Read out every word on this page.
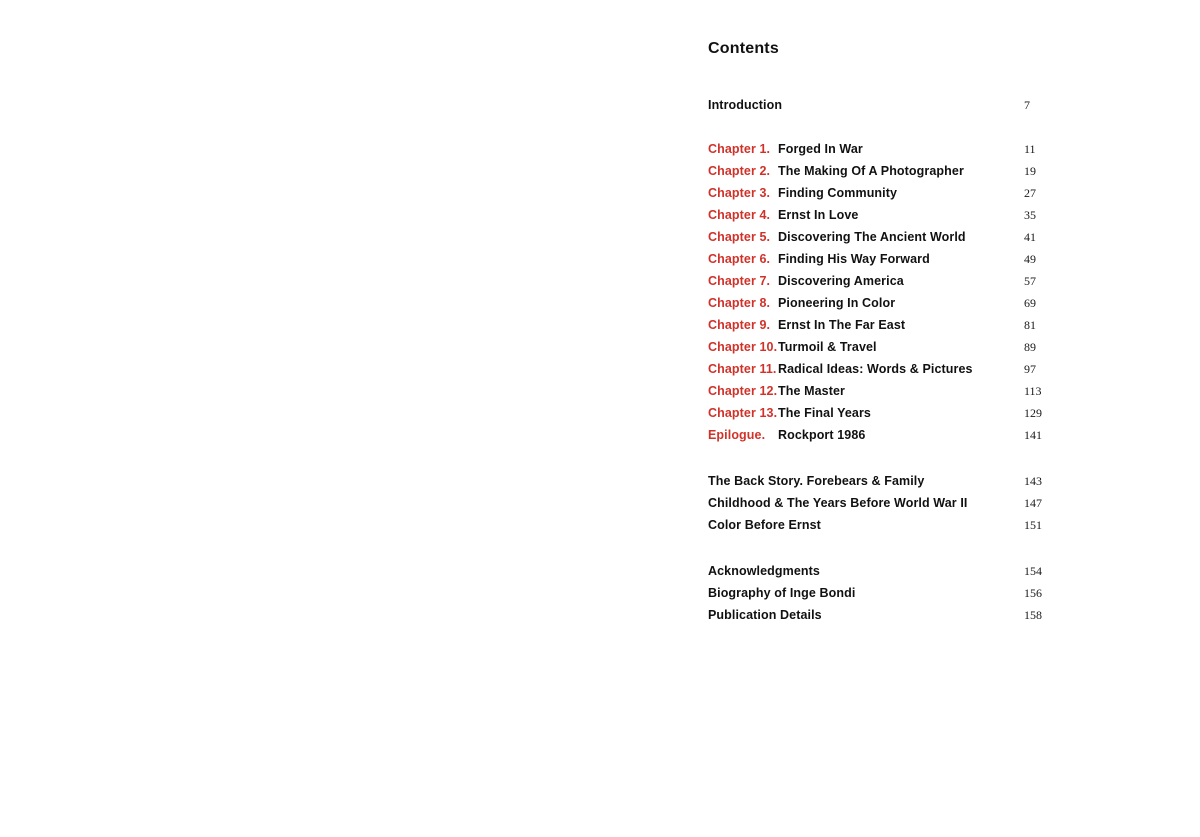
Contents
Introduction	7
Chapter 1. Forged In War	11
Chapter 2. The Making Of A Photographer	19
Chapter 3. Finding Community	27
Chapter 4. Ernst In Love	35
Chapter 5. Discovering The Ancient World	41
Chapter 6. Finding His Way Forward	49
Chapter 7. Discovering America	57
Chapter 8. Pioneering In Color	69
Chapter 9. Ernst In The Far East	81
Chapter 10. Turmoil & Travel	89
Chapter 11. Radical Ideas: Words & Pictures	97
Chapter 12. The Master	113
Chapter 13. The Final Years	129
Epilogue.	Rockport 1986	141
The Back Story. Forebears & Family	143
Childhood & The Years Before World War II	147
Color Before Ernst	151
Acknowledgments	154
Biography of Inge Bondi	156
Publication Details	158
